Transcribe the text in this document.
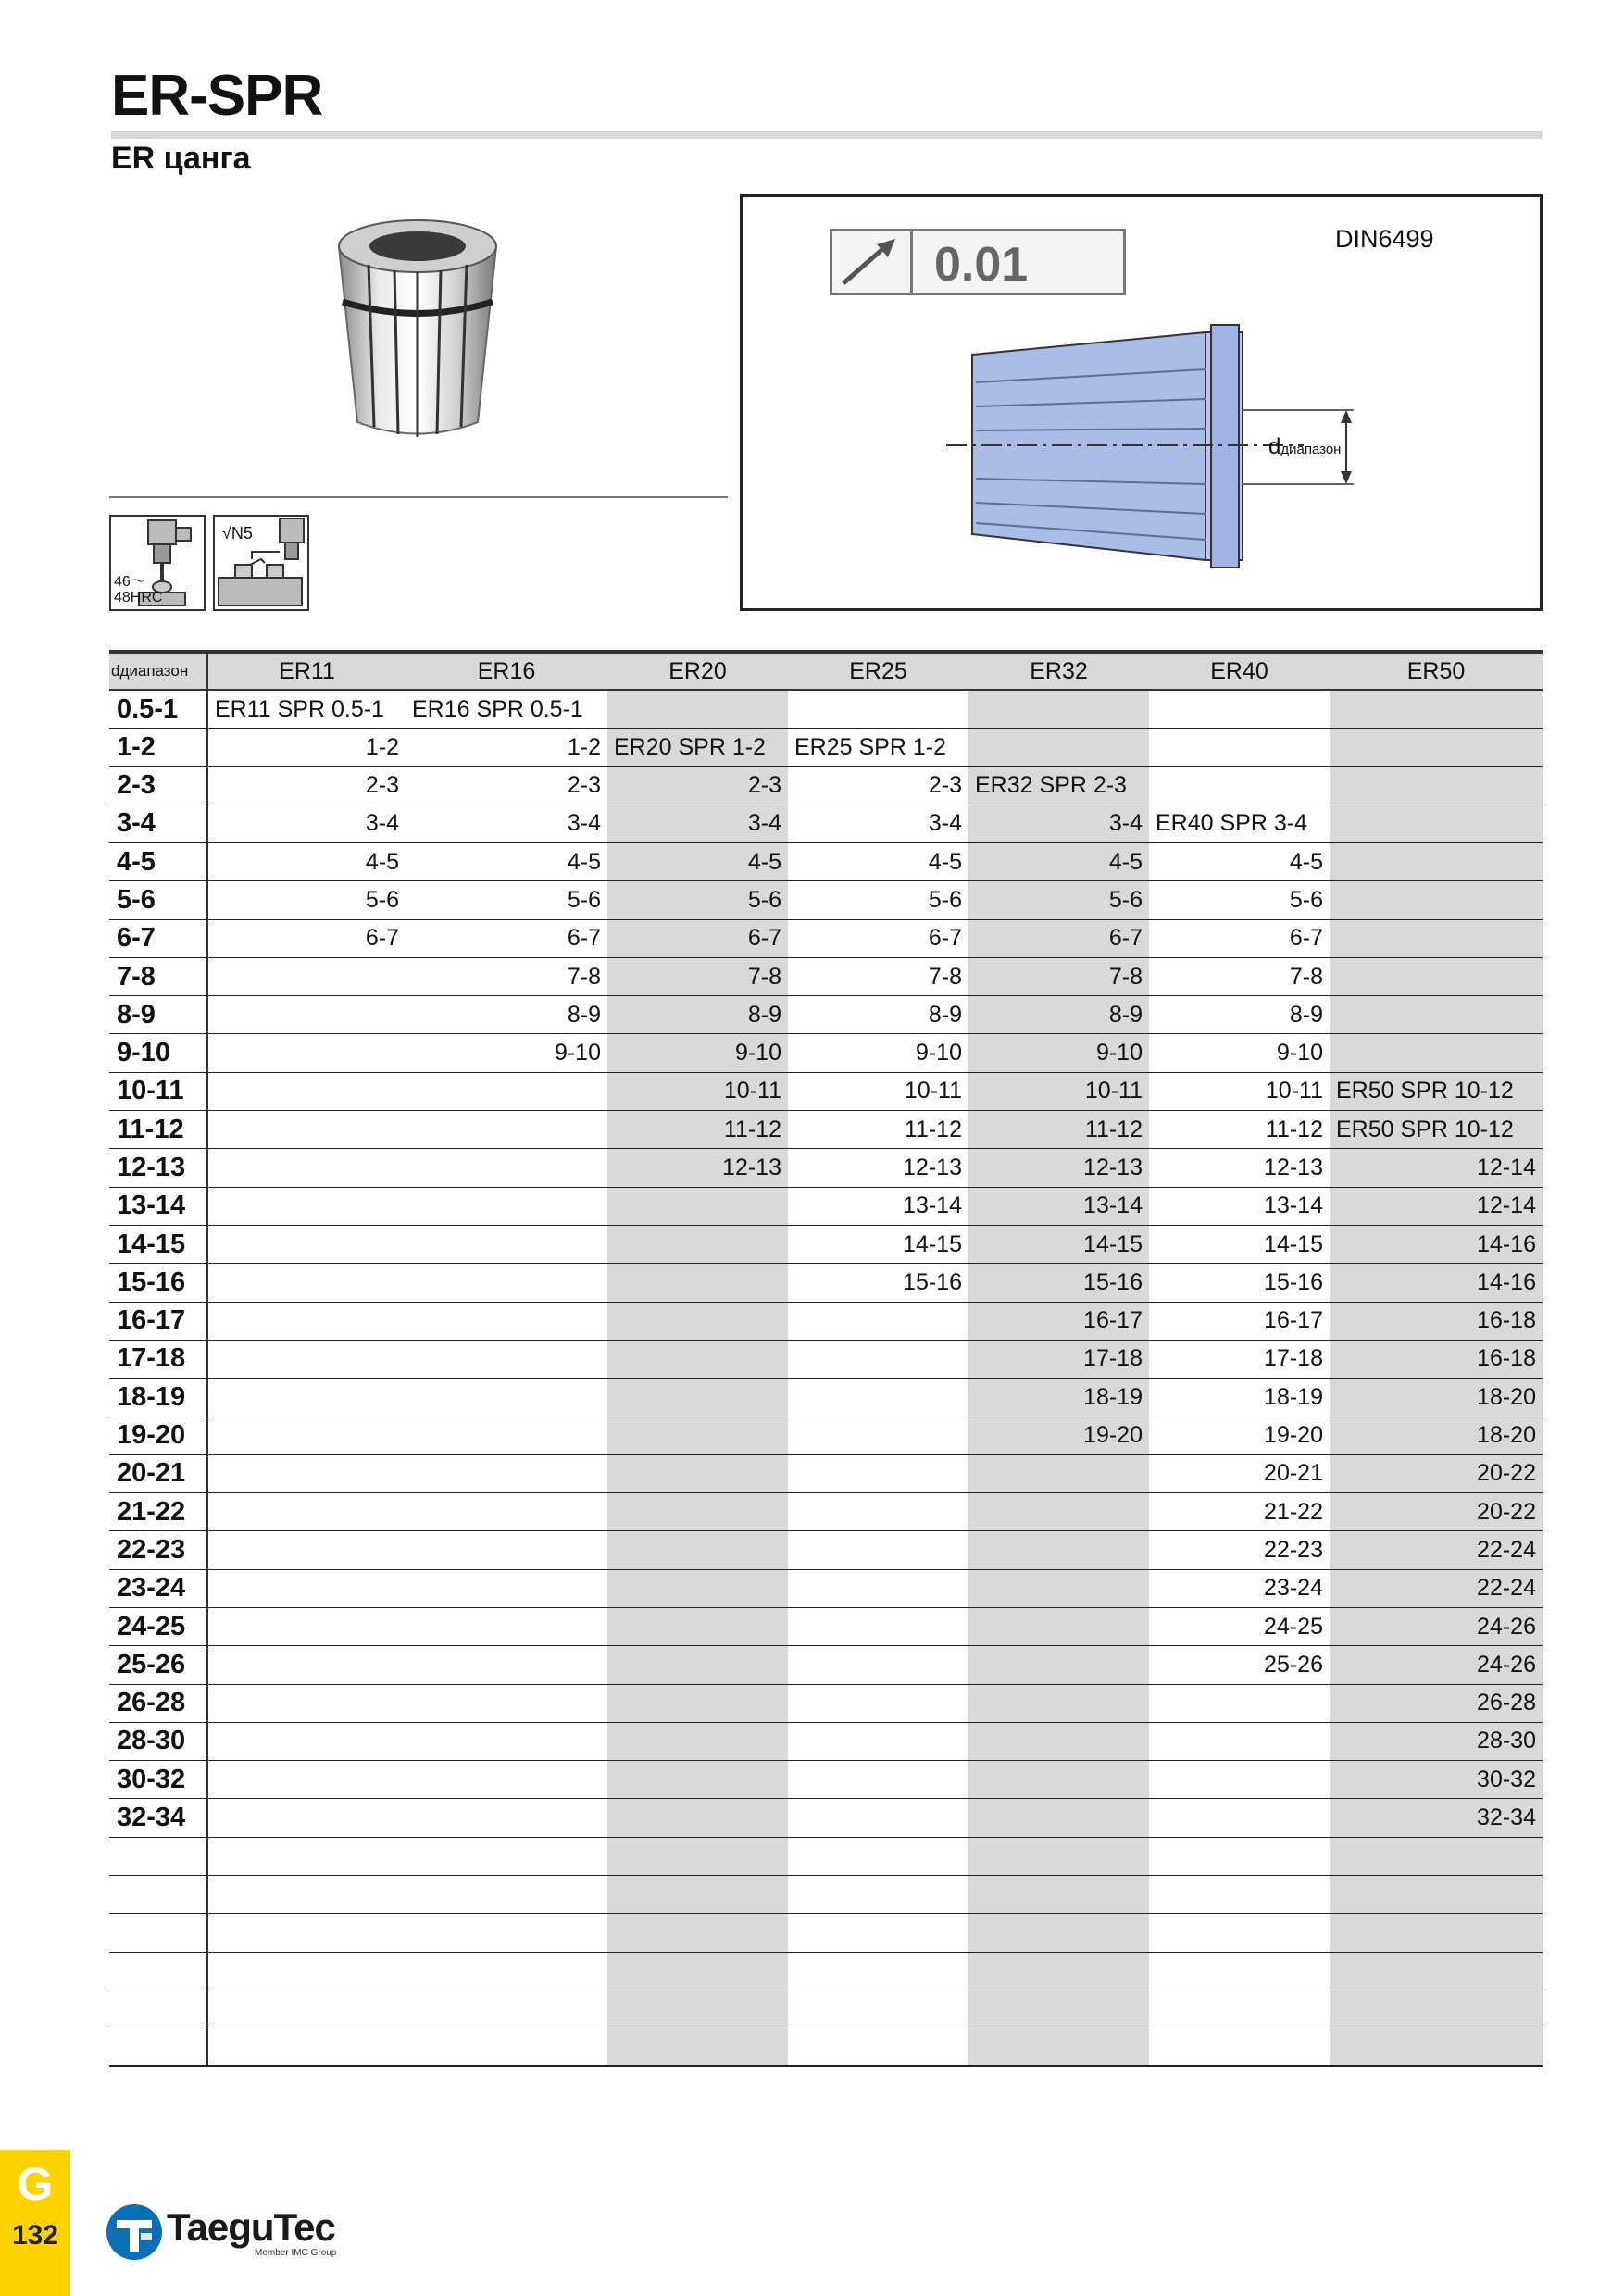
ER-SPR
ER цанга
46～
48HRC
√N5
0.01	DIN6499
dдиапазон
dдиапазон	ER11	ER16	ER20	ER25	ER32	ER40	ER50
0.5-1	ER11 SPR 0.5-1	ER16 SPR 0.5-1					
1-2	1-2	1-2	ER20 SPR 1-2	ER25 SPR 1-2			
2-3	2-3	2-3	2-3	2-3	ER32 SPR 2-3		
3-4	3-4	3-4	3-4	3-4	3-4	ER40 SPR 3-4	
4-5	4-5	4-5	4-5	4-5	4-5	4-5	
5-6	5-6	5-6	5-6	5-6	5-6	5-6	
6-7	6-7	6-7	6-7	6-7	6-7	6-7	
7-8		7-8	7-8	7-8	7-8	7-8	
8-9		8-9	8-9	8-9	8-9	8-9	
9-10		9-10	9-10	9-10	9-10	9-10	
10-11			10-11	10-11	10-11	10-11	ER50 SPR 10-12
11-12			11-12	11-12	11-12	11-12	ER50 SPR 10-12
12-13			12-13	12-13	12-13	12-13	12-14
13-14				13-14	13-14	13-14	12-14
14-15				14-15	14-15	14-15	14-16
15-16				15-16	15-16	15-16	14-16
16-17					16-17	16-17	16-18
17-18					17-18	17-18	16-18
18-19					18-19	18-19	18-20
19-20					19-20	19-20	18-20
20-21						20-21	20-22
21-22						21-22	20-22
22-23						22-23	22-24
23-24						23-24	22-24
24-25						24-25	24-26
25-26						25-26	24-26
26-28							26-28
28-30							28-30
30-32							30-32
32-34							32-34

G
132	TaeguTec
Member IMC Group
